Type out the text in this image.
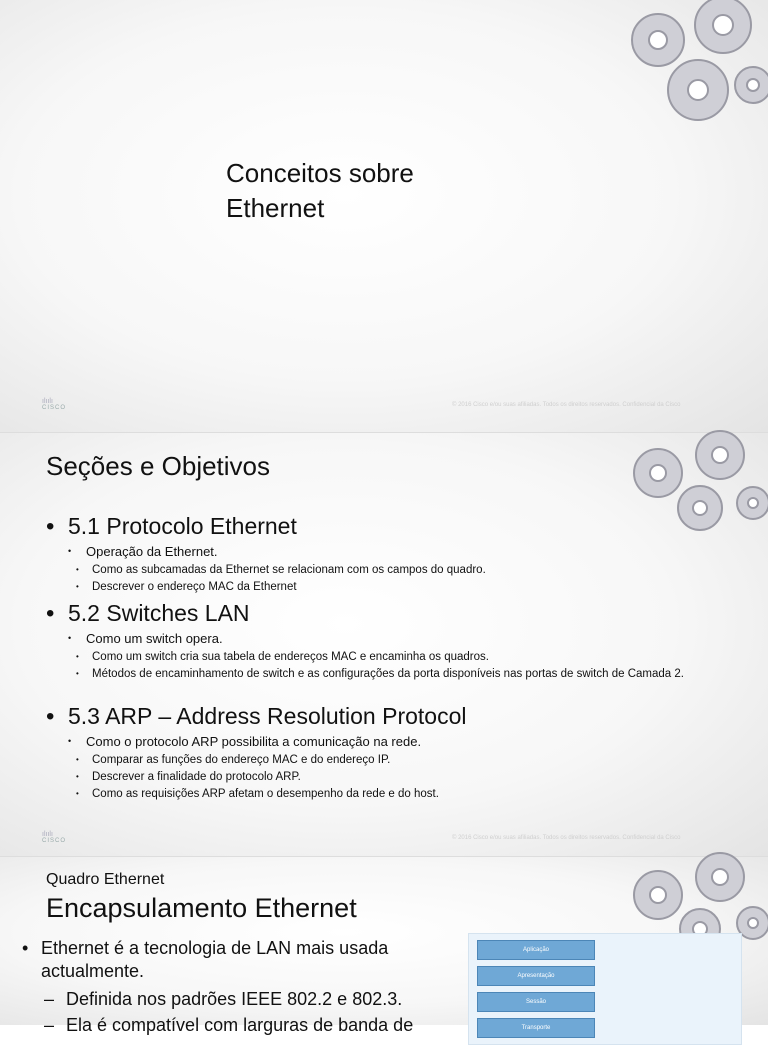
Conceitos sobre
Ethernet
ılıılı
CISCO	© 2016 Cisco e/ou suas afiliadas. Todos os direitos reservados. Confidencial da Cisco
Seções e Objetivos
• 5.1 Protocolo Ethernet
• Operação da Ethernet.
• Como as subcamadas da Ethernet se relacionam com os campos do quadro.
• Descrever o endereço MAC da Ethernet
• 5.2 Switches LAN
• Como um switch opera.
• Como um switch cria sua tabela de endereços MAC e encaminha os quadros.
• Métodos de encaminhamento de switch e as configurações da porta disponíveis nas portas de switch de Camada 2.
• 5.3 ARP – Address Resolution Protocol
• Como o protocolo ARP possibilita a comunicação na rede.
• Comparar as funções do endereço MAC e do endereço IP.
• Descrever a finalidade do protocolo ARP.
• Como as requisições ARP afetam o desempenho da rede e do host.
ılıılı
CISCO	© 2016 Cisco e/ou suas afiliadas. Todos os direitos reservados. Confidencial da Cisco
Quadro Ethernet
Encapsulamento Ethernet
• Ethernet é a tecnologia de LAN mais usada actualmente.
– Definida nos padrões IEEE 802.2 e 802.3.
– Ela é compatível com larguras de banda de
Aplicação
Apresentação
Sessão
Transporte
